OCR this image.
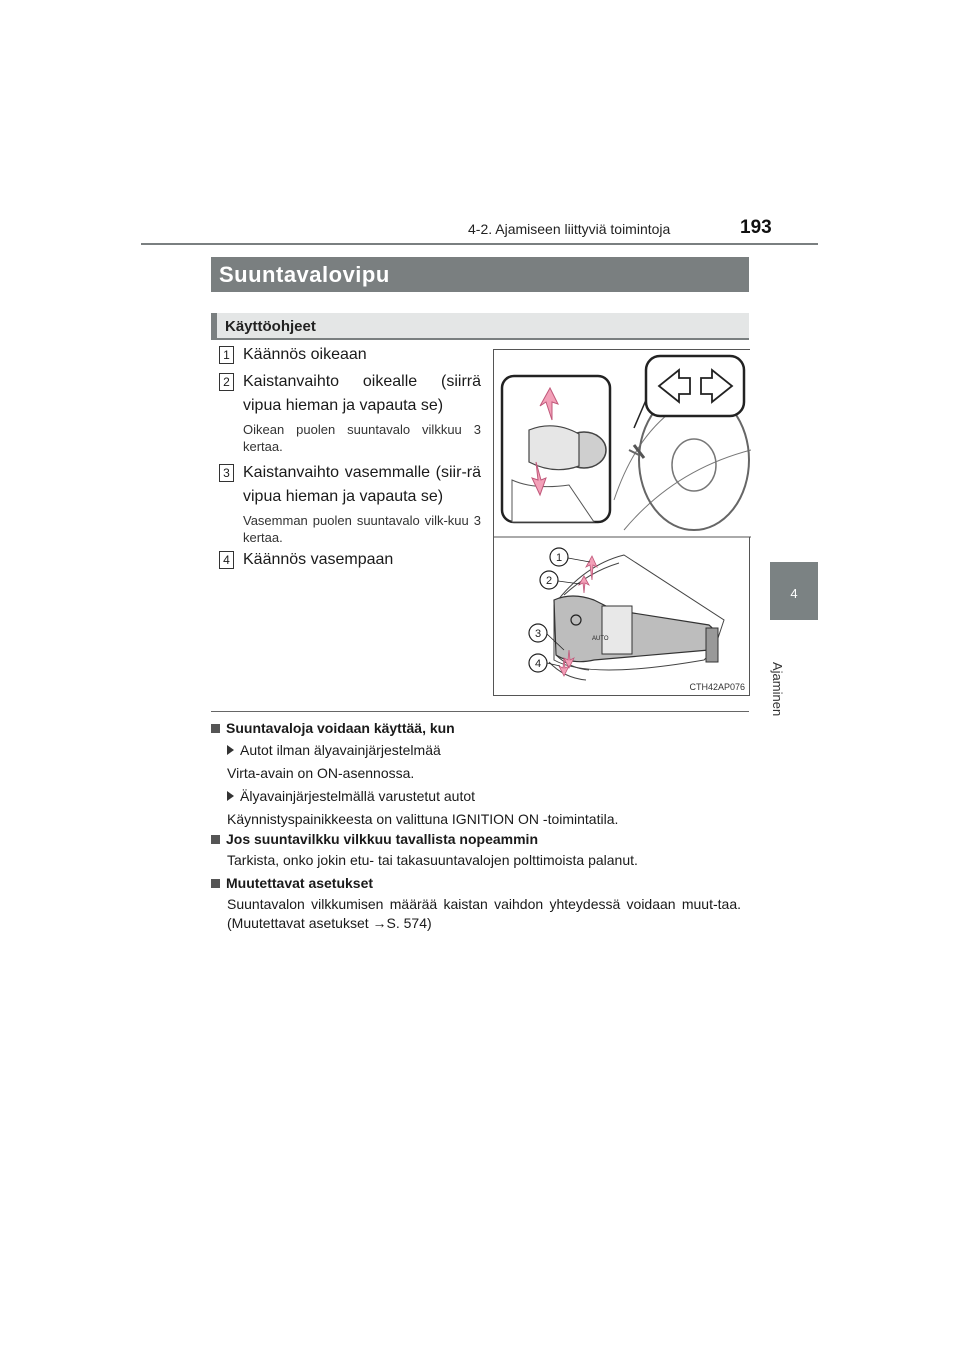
4-2. Ajamiseen liittyviä toimintoja	193
4
Ajaminen
Suuntavalovipu
Käyttöohjeet
1 Käännös oikeaan
2 Kaistanvaihto oikealle (siirrä vipua hieman ja vapauta se)
Oikean puolen suuntavalo vilkkuu 3 kertaa.
3 Kaistanvaihto vasemmalle (siir-rä vipua hieman ja vapauta se)
Vasemman puolen suuntavalo vilk-kuu 3 kertaa.
4 Käännös vasempaan
AUTO
1
2
3
4
CTH42AP076
Suuntavaloja voidaan käyttää, kun
Autot ilman älyavainjärjestelmää
Virta-avain on ON-asennossa.
Älyavainjärjestelmällä varustetut autot
Käynnistyspainikkeesta on valittuna IGNITION ON -toimintatila.
Jos suuntavilkku vilkkuu tavallista nopeammin
Tarkista, onko jokin etu- tai takasuuntavalojen polttimoista palanut.
Muutettavat asetukset
Suuntavalon vilkkumisen määrää kaistan vaihdon yhteydessä voidaan muut-taa. (Muutettavat asetukset →S. 574)
